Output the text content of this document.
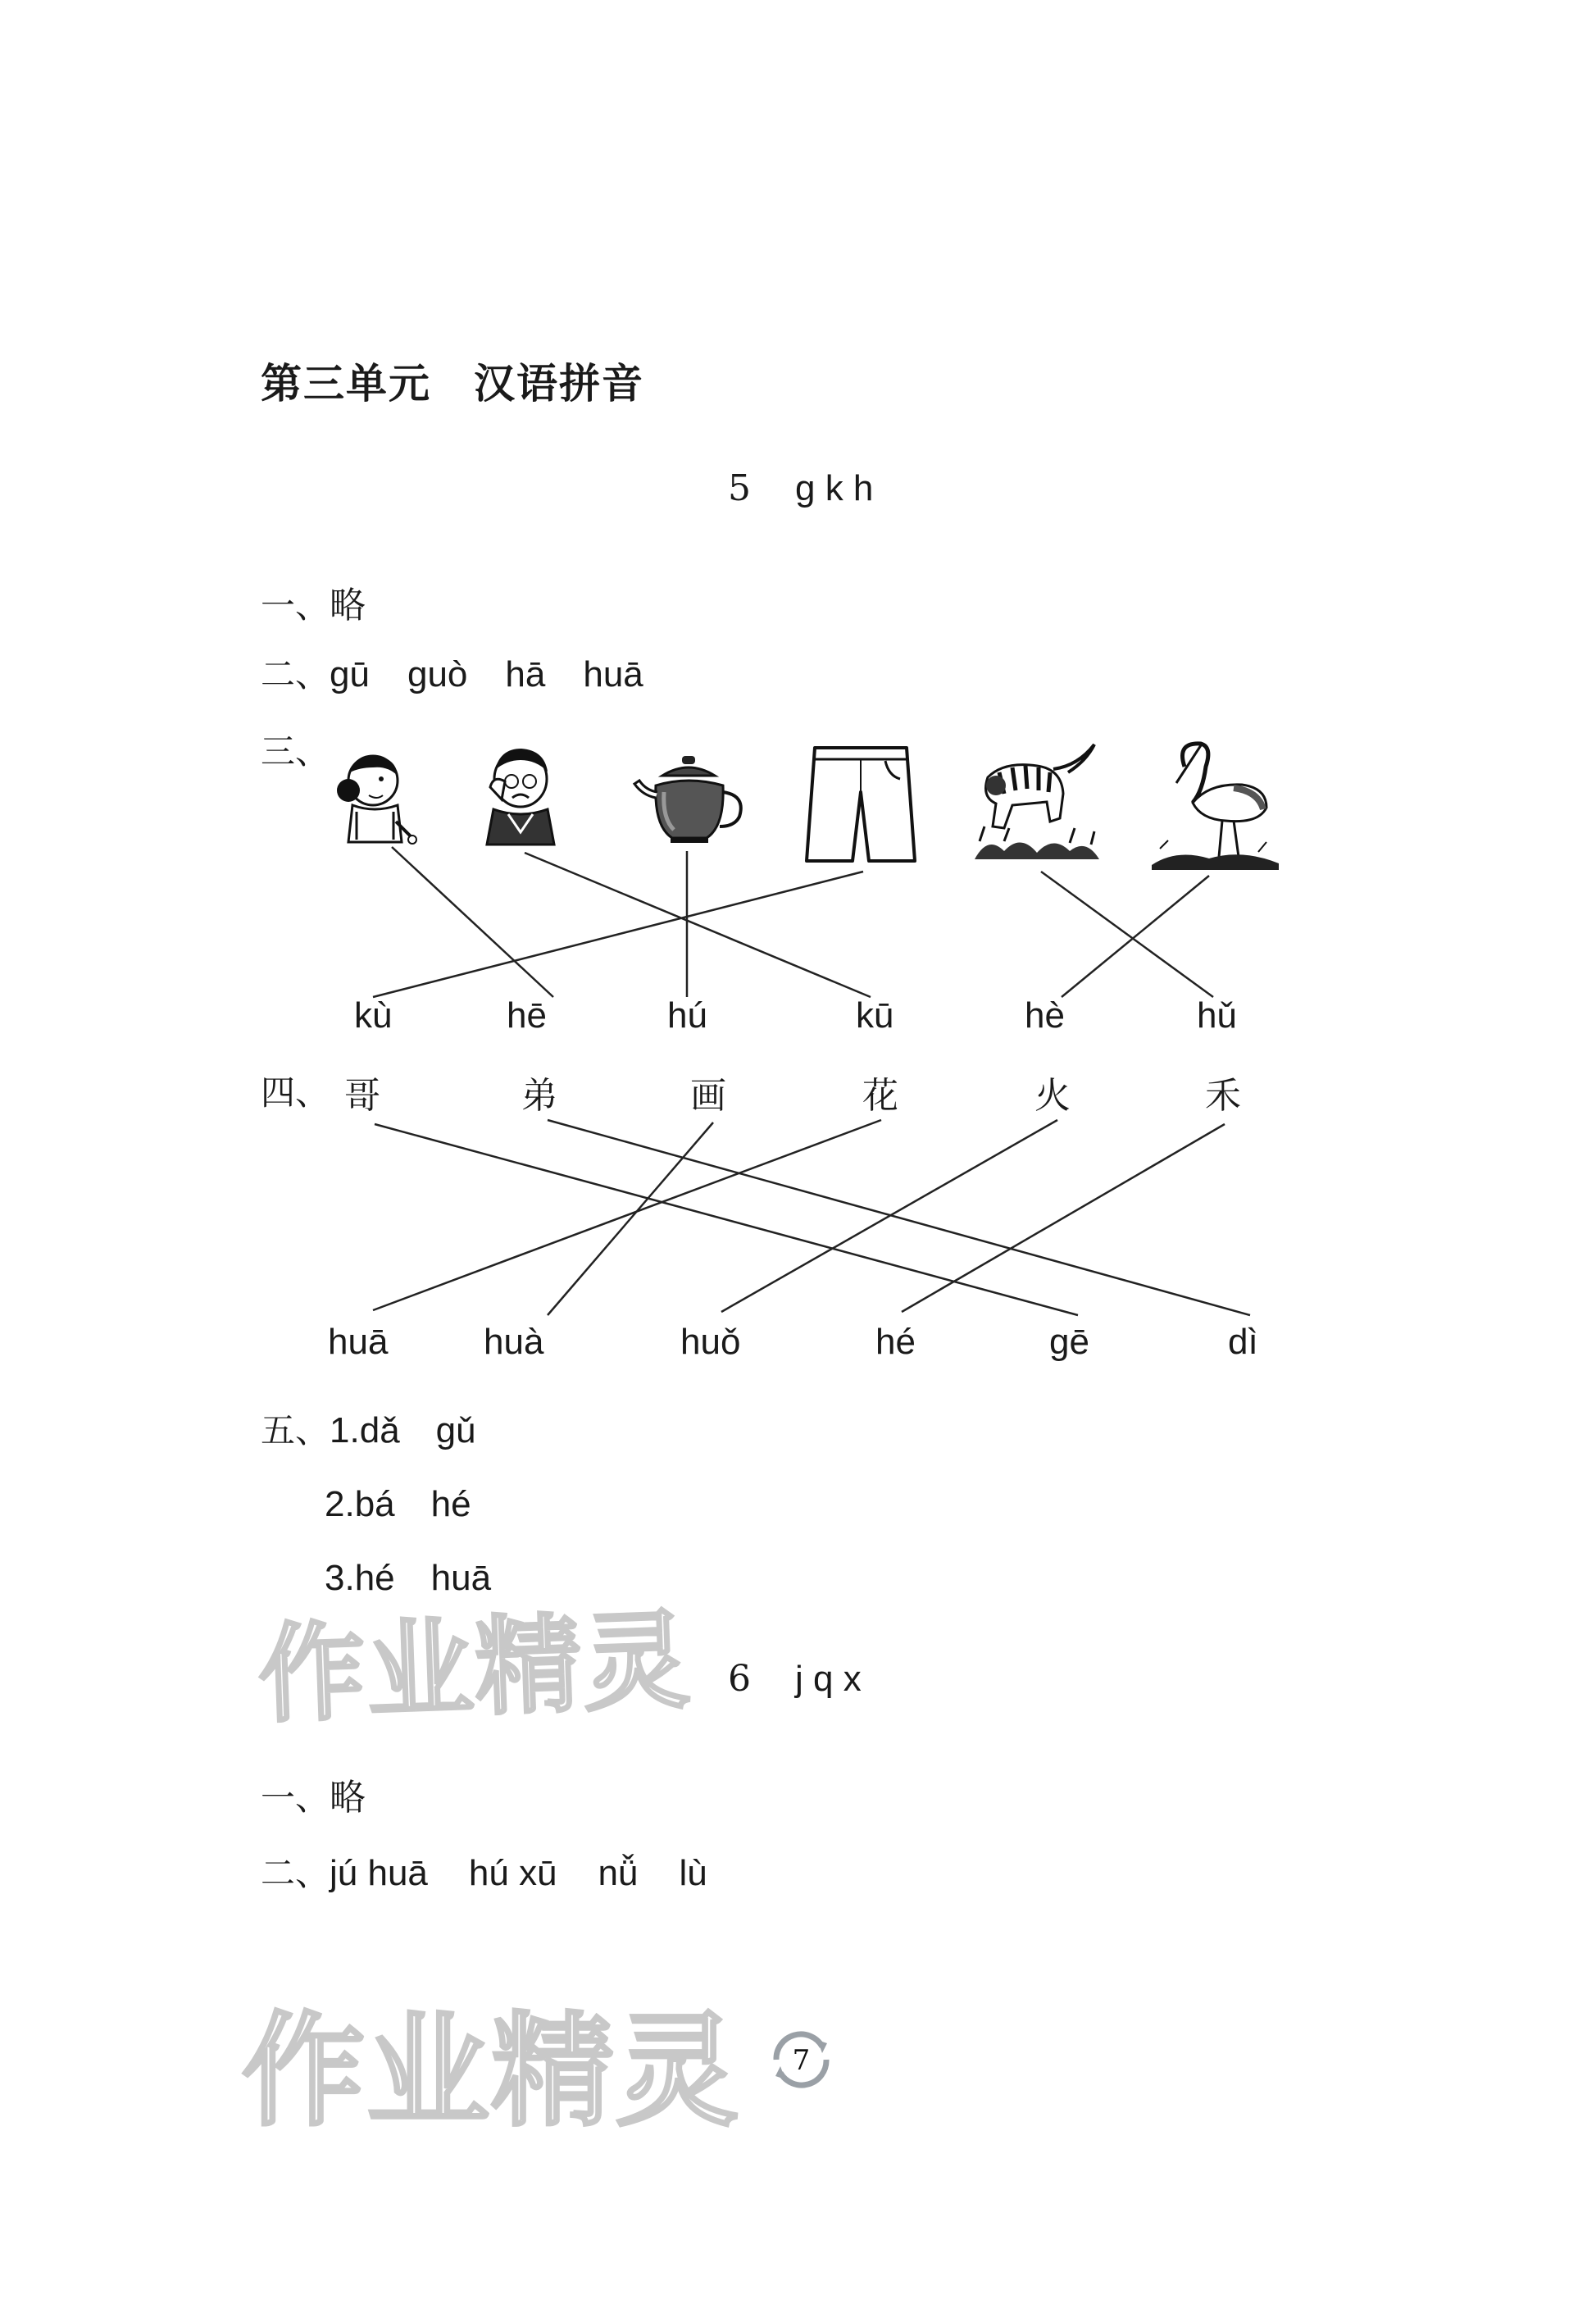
第三单元　汉语拼音
5 g k h
一、略
二、gū guò hā huā
三、
kù	hē	hú	kū	hè	hǔ
四、 哥	弟	画	花	火	禾
huā	huà	huǒ	hé	gē	dì
五、1.dǎ　gǔ
2.bá　hé
3.hé　huā
作业精灵 6 j q x
一、略
二、jú huā hú xū nǚ lù
作业精灵 7
